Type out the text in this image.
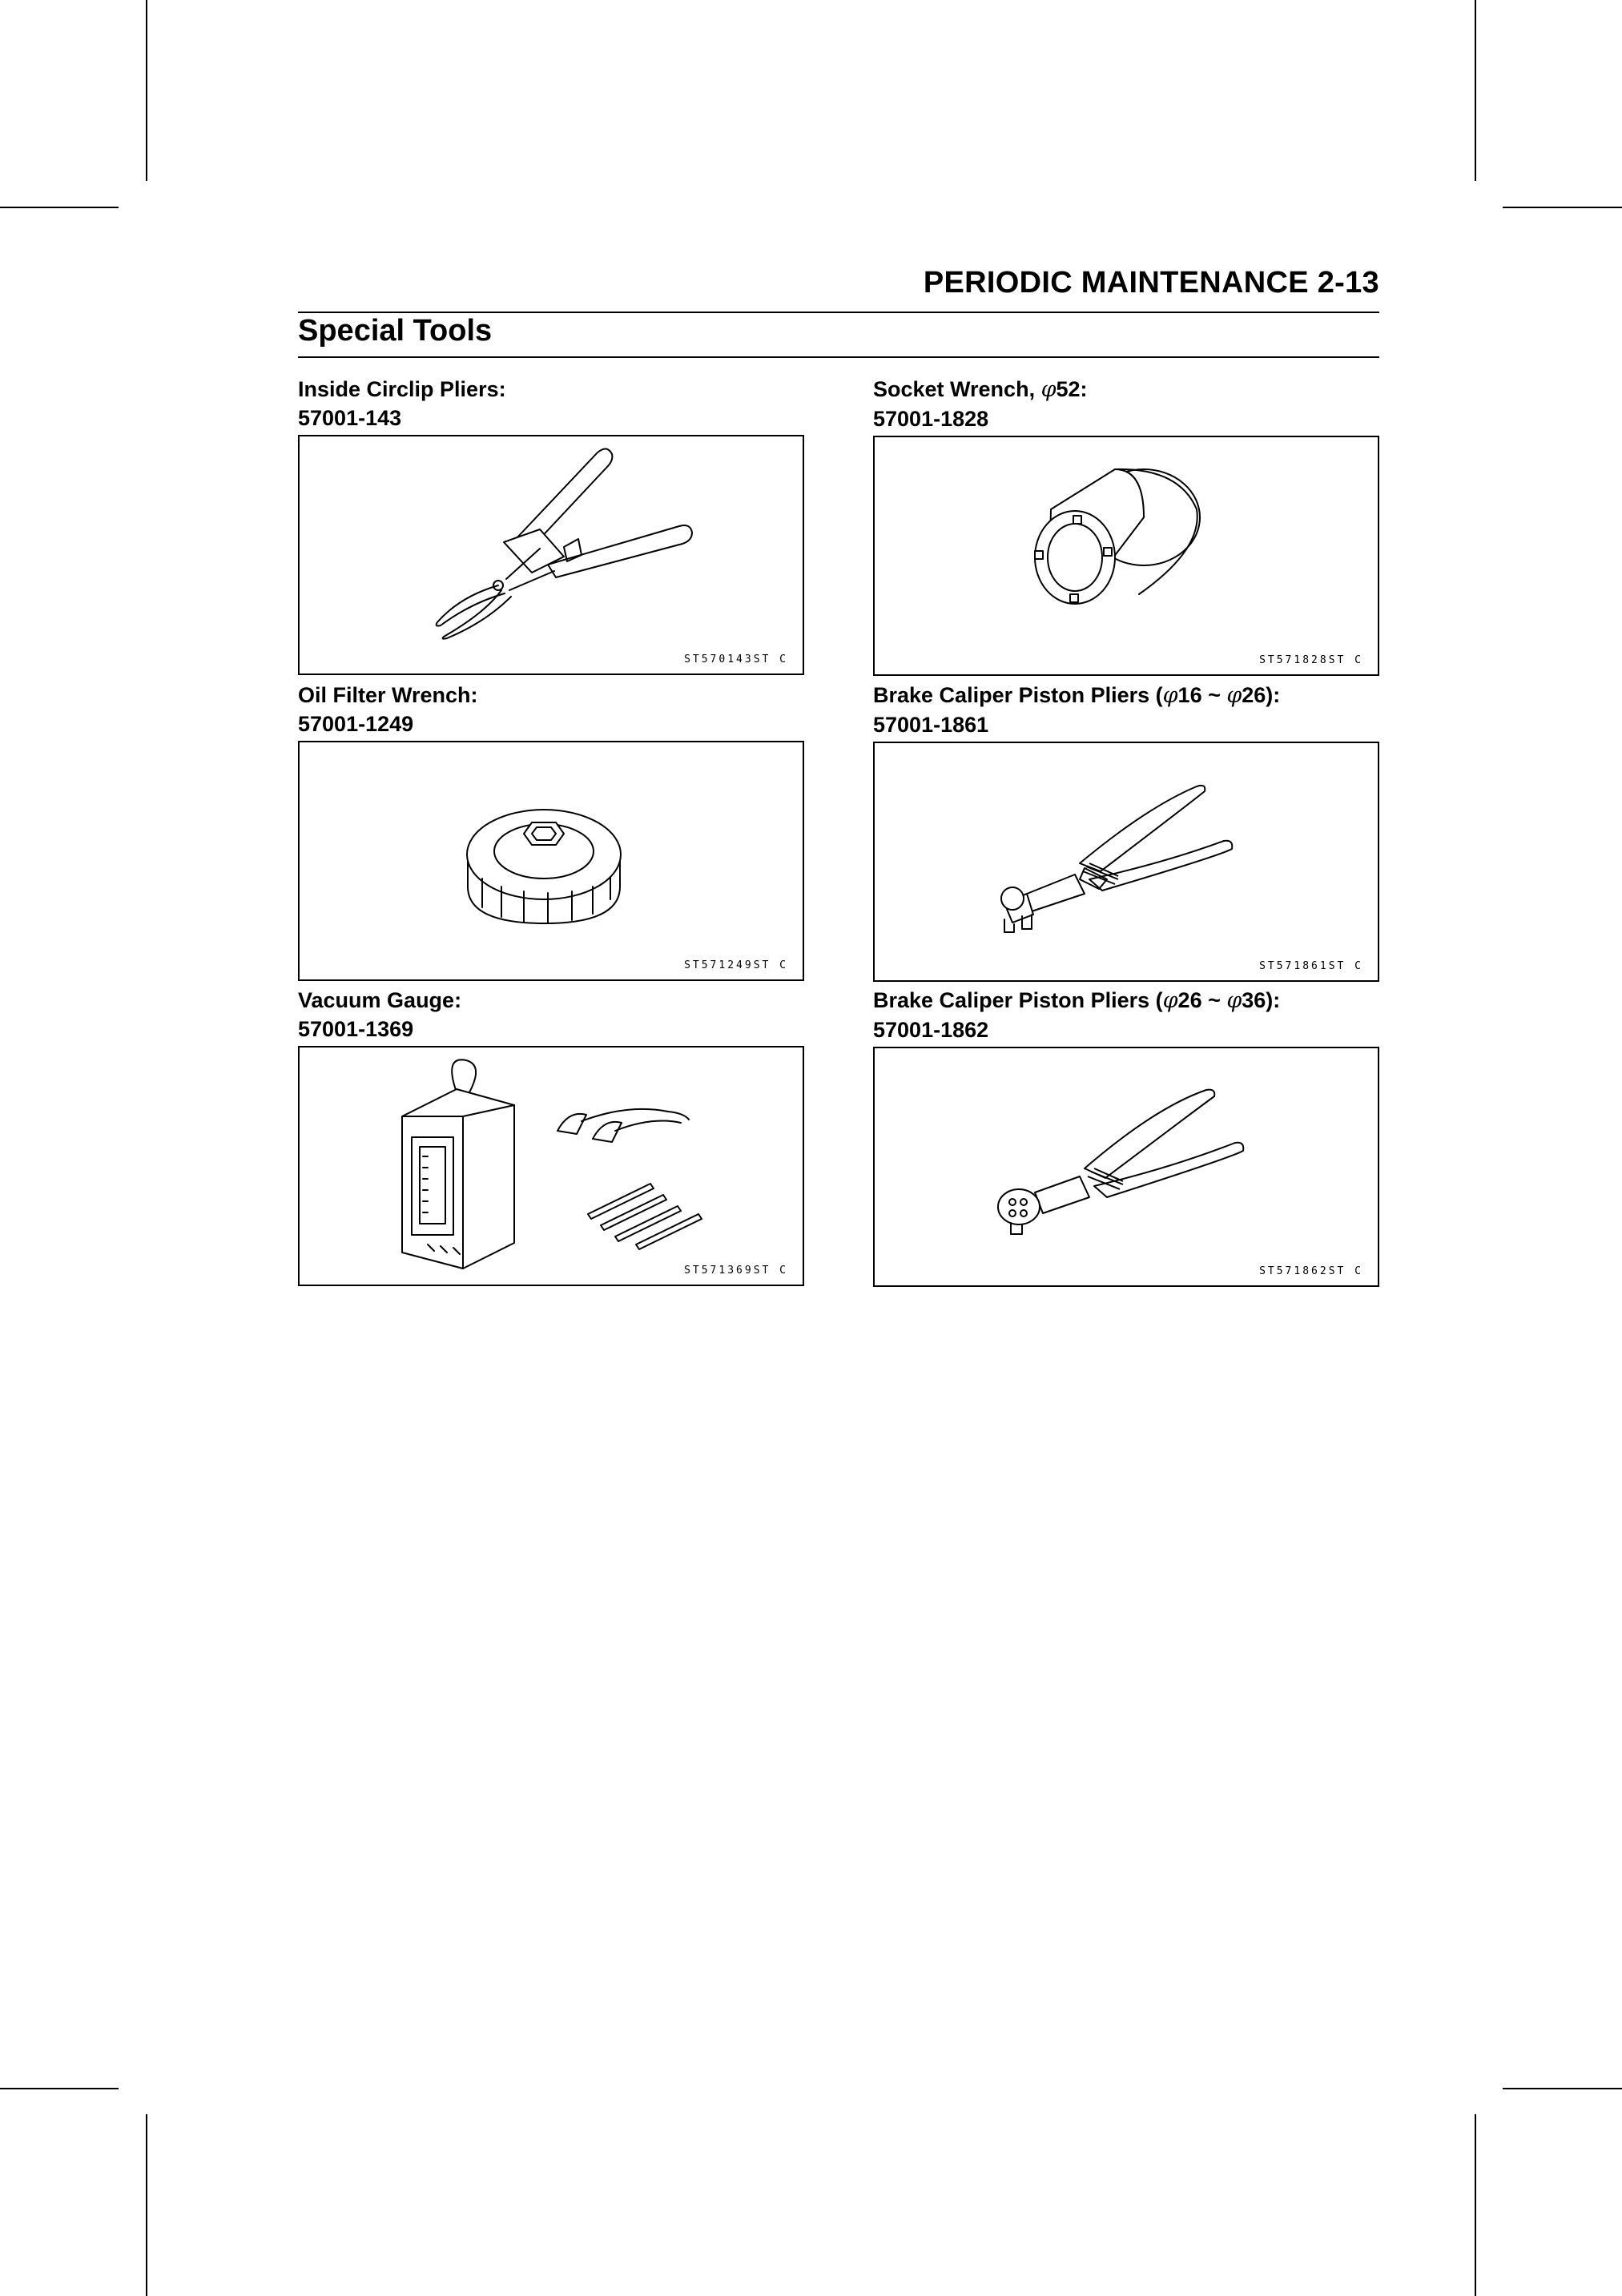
PERIODIC MAINTENANCE 2-13
Special Tools
Inside Circlip Pliers:
57001-143
ST570143ST C
Socket Wrench, φ52:
57001-1828
ST571828ST C
Oil Filter Wrench:
57001-1249
ST571249ST C
Brake Caliper Piston Pliers (φ16 ~ φ26):
57001-1861
ST571861ST C
Vacuum Gauge:
57001-1369
ST571369ST C
Brake Caliper Piston Pliers (φ26 ~ φ36):
57001-1862
ST571862ST C
